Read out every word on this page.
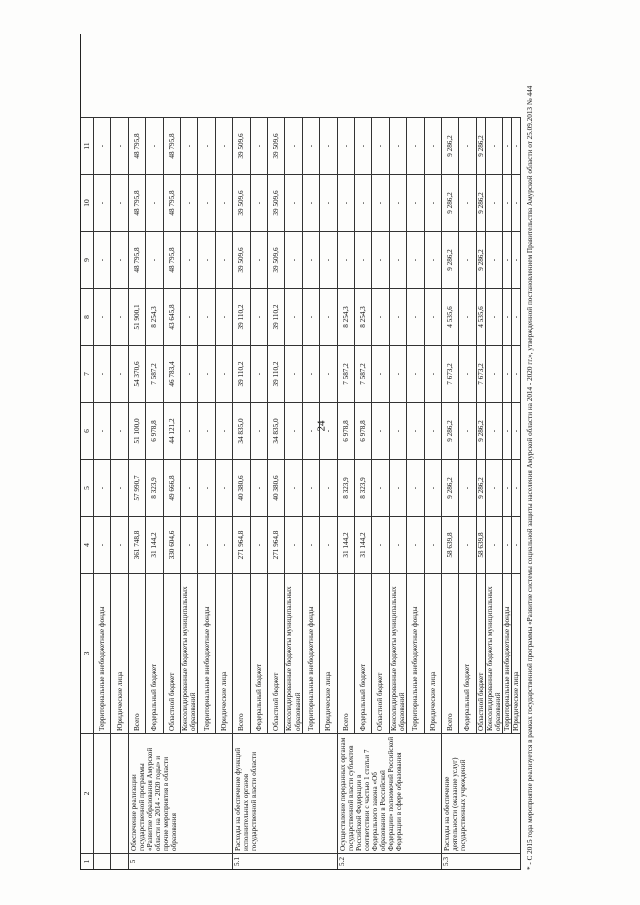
24
1
2
3
4
5
6
7
8
9
10
11
Территориальные внебюджетные фонды
-
-
-
-
-
-
-
-
Юридические лица
-
-
-
-
-
-
-
-
5
Обеспечение реализации государственной программы «Развитие образования Амурской области на 2014 - 2020 годы» и прочие мероприятия в области образования
Всего
361 748,8
57 990,7
51 100,0
54 370,6
51 900,1
48 795,8
48 795,8
48 795,8
Федеральный бюджет
31 144,2
8 323,9
6 978,8
7 587,2
8 254,3
-
-
-
Областной бюджет
330 604,6
49 666,8
44 121,2
46 783,4
43 645,8
48 795,8
48 795,8
48 795,8
Консолидированные бюджеты муниципальных образований
-
-
-
-
-
-
-
-
Территориальные внебюджетные фонды
-
-
-
-
-
-
-
-
Юридические лица
-
-
-
-
-
-
-
-
5.1
Расходы на обеспечение функций исполнительных органов государственной власти области
Всего
271 964,8
40 380,6
34 835,0
39 110,2
39 110,2
39 509,6
39 509,6
39 509,6
Федеральный бюджет
-
-
-
-
-
-
-
-
Областной бюджет
271 964,8
40 380,6
34 835,0
39 110,2
39 110,2
39 509,6
39 509,6
39 509,6
Консолидированные бюджеты муниципальных образований
-
-
-
-
-
-
-
-
Территориальные внебюджетные фонды
-
-
-
-
-
-
-
-
Юридические лица
-
-
-
-
-
-
-
-
5.2
Осуществление переданных органам государственной власти субъектов Российской Федерации в соответствии с частью 1 статьи 7 Федерального закона «Об образовании в Российской Федерации» полномочий Российской Федерации в сфере образования
Всего
31 144,2
8 323,9
6 978,8
7 587,2
8 254,3
-
-
-
Федеральный бюджет
31 144,2
8 323,9
6 978,8
7 587,2
8 254,3
-
-
-
Областной бюджет
-
-
-
-
-
-
-
-
Консолидированные бюджеты муниципальных образований
-
-
-
-
-
-
-
-
Территориальные внебюджетные фонды
-
-
-
-
-
-
-
-
Юридические лица
-
-
-
-
-
-
-
-
5.3
Расходы на обеспечение деятельности (оказание услуг) государственных учреждений
Всего
58 639,8
9 286,2
9 286,2
7 673,2
4 535,6
9 286,2
9 286,2
9 286,2
Федеральный бюджет
-
-
-
-
-
-
-
-
Областной бюджет
58 639,8
9 286,2
9 286,2
7 673,2
4 535,6
9 286,2
9 286,2
9 286,2
Консолидированные бюджеты муниципальных образований
-
-
-
-
-
-
-
-
Территориальные внебюджетные фонды
-
-
-
-
-
-
-
-
Юридические лица
-
-
-
-
-
-
-
- * - С 2015 года мероприятие реализуется в рамках государственной программы «Развитие системы социальной защиты населения Амурской области на 2014 - 2020 гг.», утвержденной постановлением Правительства Амурской области от 25.09.2013 № 444
